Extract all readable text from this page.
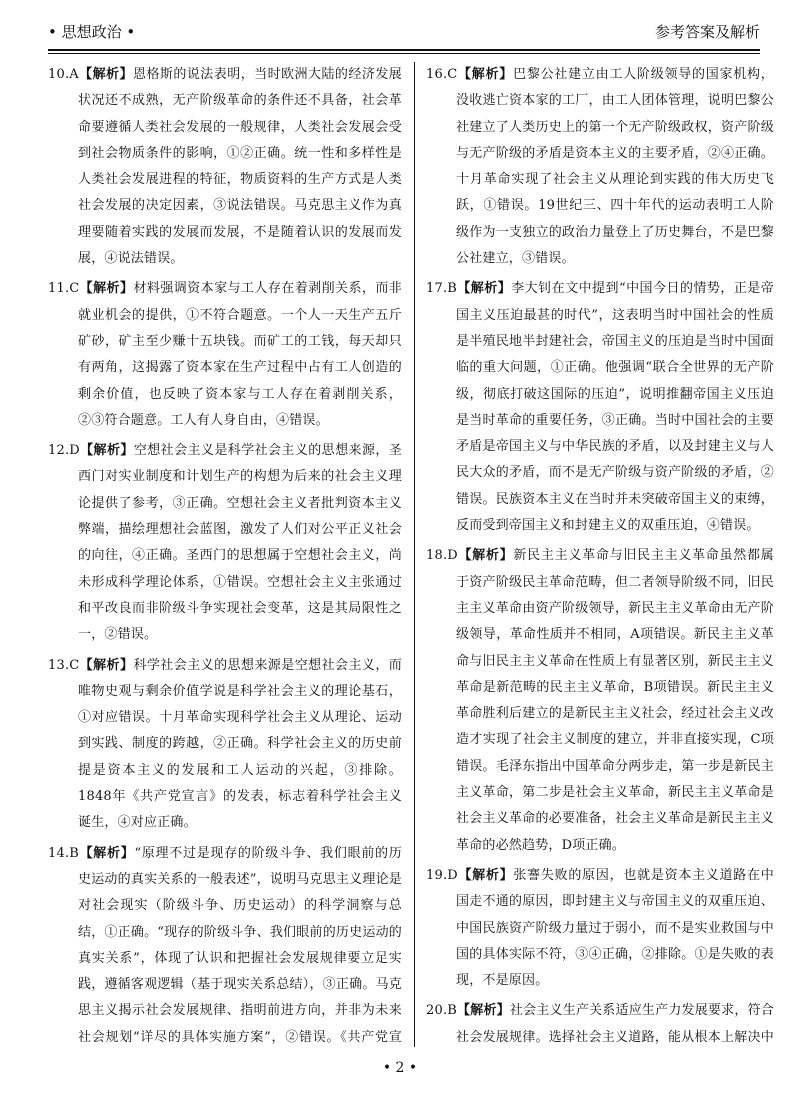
• 思想政治 •	参考答案及解析

10.A【解析】恩格斯的说法表明，当时欧洲大陆的经济发展状况还不成熟，无产阶级革命的条件还不具备，社会革命要遵循人类社会发展的一般规律，人类社会发展会受到社会物质条件的影响，①②正确。统一性和多样性是人类社会发展进程的特征，物质资料的生产方式是人类社会发展的决定因素，③说法错误。马克思主义作为真理要随着实践的发展而发展，不是随着认识的发展而发展，④说法错误。

11.C【解析】材料强调资本家与工人存在着剥削关系，而非就业机会的提供，①不符合题意。一个人一天生产五斤矿砂，矿主至少赚十五块钱。而矿工的工钱，每天却只有两角，这揭露了资本家在生产过程中占有工人创造的剩余价值，也反映了资本家与工人存在着剥削关系，②③符合题意。工人有人身自由，④错误。

12.D【解析】空想社会主义是科学社会主义的思想来源，圣西门对实业制度和计划生产的构想为后来的社会主义理论提供了参考，③正确。空想社会主义者批判资本主义弊端，描绘理想社会蓝图，激发了人们对公平正义社会的向往，④正确。圣西门的思想属于空想社会主义，尚未形成科学理论体系，①错误。空想社会主义主张通过和平改良而非阶级斗争实现社会变革，这是其局限性之一，②错误。

13.C【解析】科学社会主义的思想来源是空想社会主义，而唯物史观与剩余价值学说是科学社会主义的理论基石，①对应错误。十月革命实现科学社会主义从理论、运动到实践、制度的跨越，②正确。科学社会主义的历史前提是资本主义的发展和工人运动的兴起，③排除。1848年《共产党宣言》的发表，标志着科学社会主义诞生，④对应正确。

14.B【解析】“原理不过是现存的阶级斗争、我们眼前的历史运动的真实关系的一般表述”，说明马克思主义理论是对社会现实（阶级斗争、历史运动）的科学洞察与总结，①正确。“现存的阶级斗争、我们眼前的历史运动的真实关系”，体现了认识和把握社会发展规律要立足实践，遵循客观逻辑（基于现实关系总结），③正确。马克思主义揭示社会发展规律、指明前进方向，并非为未来社会规划“详尽的具体实施方案”，②错误。《共产党宣

16.C【解析】巴黎公社建立由工人阶级领导的国家机构，没收逃亡资本家的工厂，由工人团体管理，说明巴黎公社建立了人类历史上的第一个无产阶级政权，资产阶级与无产阶级的矛盾是资本主义的主要矛盾，②④正确。十月革命实现了社会主义从理论到实践的伟大历史飞跃，①错误。19世纪三、四十年代的运动表明工人阶级作为一支独立的政治力量登上了历史舞台，不是巴黎公社建立，③错误。

17.B【解析】李大钊在文中提到“中国今日的情势，正是帝国主义压迫最甚的时代”，这表明当时中国社会的性质是半殖民地半封建社会，帝国主义的压迫是当时中国面临的重大问题，①正确。他强调“联合全世界的无产阶级，彻底打破这国际的压迫”，说明推翻帝国主义压迫是当时革命的重要任务，③正确。当时中国社会的主要矛盾是帝国主义与中华民族的矛盾，以及封建主义与人民大众的矛盾，而不是无产阶级与资产阶级的矛盾，②错误。民族资本主义在当时并未突破帝国主义的束缚，反而受到帝国主义和封建主义的双重压迫，④错误。

18.D【解析】新民主主义革命与旧民主主义革命虽然都属于资产阶级民主革命范畴，但二者领导阶级不同，旧民主主义革命由资产阶级领导，新民主主义革命由无产阶级领导，革命性质并不相同，A项错误。新民主主义革命与旧民主主义革命在性质上有显著区别，新民主主义革命是新范畴的民主主义革命，B项错误。新民主主义革命胜利后建立的是新民主主义社会，经过社会主义改造才实现了社会主义制度的建立，并非直接实现，C项错误。毛泽东指出中国革命分两步走，第一步是新民主主义革命，第二步是社会主义革命，新民主主义革命是社会主义革命的必要准备，社会主义革命是新民主主义革命的必然趋势，D项正确。

19.D【解析】张謇失败的原因，也就是资本主义道路在中国走不通的原因，即封建主义与帝国主义的双重压迫、中国民族资产阶级力量过于弱小，而不是实业救国与中国的具体实际不符，③④正确，②排除。①是失败的表现，不是原因。

20.B【解析】社会主义生产关系适应生产力发展要求，符合社会发展规律。选择社会主义道路，能从根本上解决中

• 2 •
